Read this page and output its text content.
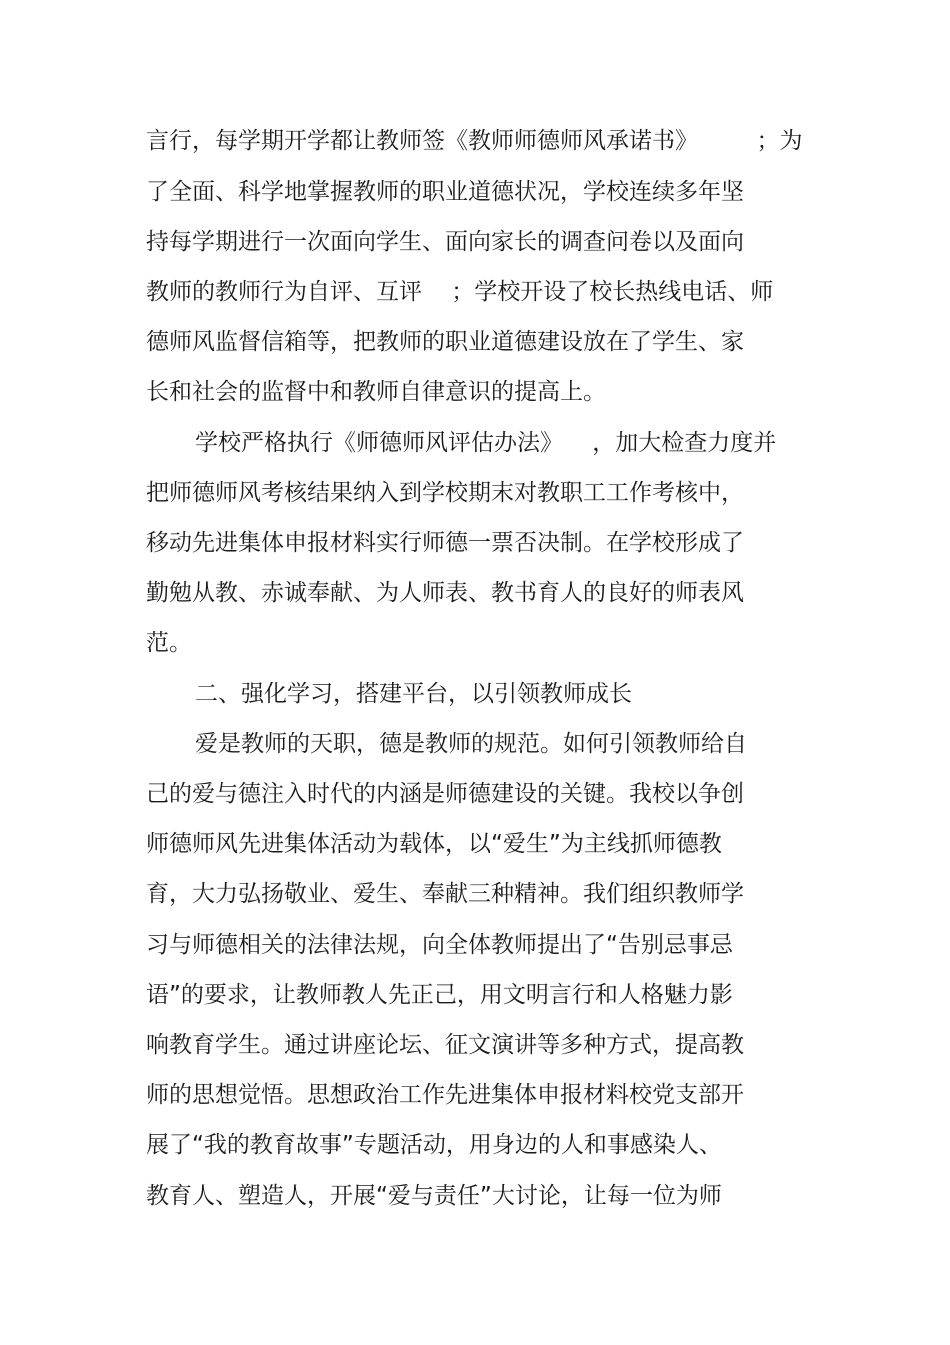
言行，每学期开学都让教师签《教师师德师风承诺书》        ；为

了全面、科学地掌握教师的职业道德状况，学校连续多年坚

持每学期进行一次面向学生、面向家长的调查问卷以及面向

教师的教师行为自评、互评    ；学校开设了校长热线电话、师

德师风监督信箱等，把教师的职业道德建设放在了学生、家

长和社会的监督中和教师自律意识的提高上。

学校严格执行《师德师风评估办法》    ，加大检查力度并

把师德师风考核结果纳入到学校期末对教职工工作考核中，

移动先进集体申报材料实行师德一票否决制。在学校形成了

勤勉从教、赤诚奉献、为人师表、教书育人的良好的师表风

范。

二、强化学习，搭建平台，以引领教师成长

爱是教师的天职，德是教师的规范。如何引领教师给自

己的爱与德注入时代的内涵是师德建设的关键。我校以争创

师德师风先进集体活动为载体，以“爱生”为主线抓师德教

育，大力弘扬敬业、爱生、奉献三种精神。我们组织教师学

习与师德相关的法律法规，向全体教师提出了“告别忌事忌

语”的要求，让教师教人先正己，用文明言行和人格魅力影

响教育学生。通过讲座论坛、征文演讲等多种方式，提高教

师的思想觉悟。思想政治工作先进集体申报材料校党支部开

展了“我的教育故事”专题活动，用身边的人和事感染人、

教育人、塑造人，开展“爱与责任”大讨论，让每一位为师
